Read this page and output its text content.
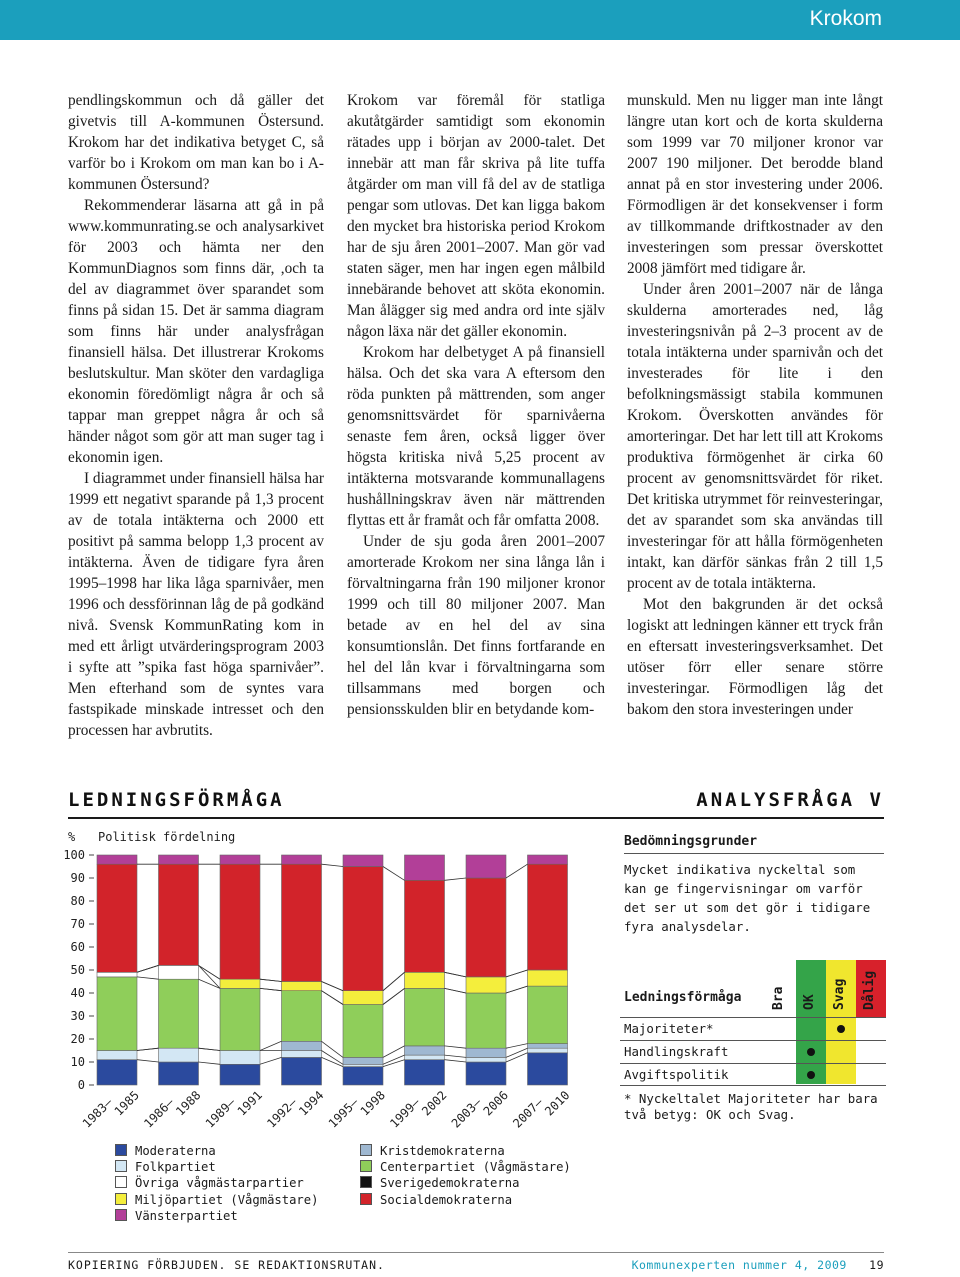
Krokom

pendlingskommun och då gäller det givetvis till A-kommunen Östersund. Krokom har det indikativa betyget C, så varför bo i Krokom om man kan bo i A-kommunen Östersund?

Rekommenderar läsarna att gå in på www.kommunrating.se och analysarkivet för 2003 och hämta ner den KommunDiagnos som finns där, ,och ta del av diagrammet över sparandet som finns på sidan 15. Det är samma diagram som finns här under analysfrågan finansiell hälsa. Det illustrerar Krokoms beslutskultur. Man sköter den vardagliga ekonomin föredömligt några år och så tappar man greppet några år och så händer något som gör att man suger tag i ekonomin igen.

I diagrammet under finansiell hälsa har 1999 ett negativt sparande på 1,3 procent av de totala intäkterna och 2000 ett positivt på samma belopp 1,3 procent av intäkterna. Även de tidigare fyra åren 1995–1998 har lika låga sparnivåer, men 1996 och dessförinnan låg de på godkänd nivå. Svensk KommunRating kom in med ett årligt utvärderingsprogram 2003 i syfte att ”spika fast höga sparnivåer”. Men efterhand som de syntes vara fastspikade minskade intresset och den processen har avbrutits.

Krokom var föremål för statliga akutåtgärder samtidigt som ekonomin rätades upp i början av 2000-talet. Det innebär att man får skriva på lite tuffa åtgärder om man vill få del av de statliga pengar som utlovas. Det kan ligga bakom den mycket bra historiska period Krokom har de sju åren 2001–2007. Man gör vad staten säger, men har ingen egen målbild innebärande behovet att sköta ekonomin. Man ålägger sig med andra ord inte själv någon läxa när det gäller ekonomin.

Krokom har delbetyget A på finansiell hälsa. Och det ska vara A eftersom den röda punkten på mättrenden, som anger genomsnittsvärdet för sparnivåerna senaste fem åren, också ligger över högsta kritiska nivå 5,25 procent av intäkterna motsvarande kommunallagens hushållningskrav även när mättrenden flyttas ett år framåt och får omfatta 2008.

Under de sju goda åren 2001–2007 amorterade Krokom ner sina långa lån i förvaltningarna från 190 miljoner kronor 1999 och till 80 miljoner 2007. Man betade av en hel del av sina konsumtionslån. Det finns fortfarande en hel del lån kvar i förvaltningarna som tillsammans med borgen och pensionsskulden blir en betydande kom-

munskuld. Men nu ligger man inte långt längre utan kort och de korta skulderna som 1999 var 70 miljoner kronor var 2007 190 miljoner. Det berodde bland annat på en stor investering under 2006. Förmodligen är det konsekvenser i form av tillkommande driftkostnader av den investeringen som pressar överskottet 2008 jämfört med tidigare år.

Under åren 2001–2007 när de långa skulderna amorterades ned, låg investeringsnivån på 2–3 procent av de totala intäkterna under sparnivån och det investerades för lite i den befolkningsmässigt stabila kommunen Krokom. Överskotten användes för amorteringar. Det har lett till att Krokoms produktiva förmögenhet är cirka 60 procent av genomsnittsvärdet för riket. Det kritiska utrymmet för reinvesteringar, det av sparandet som ska användas till investeringar för att hålla förmögenheten intakt, kan därför sänkas från 2 till 1,5 procent av de totala intäkterna.

Mot den bakgrunden är det också logiskt att ledningen känner ett tryck från en eftersatt investeringsverksamhet. Det utöser förr eller senare större investeringar. Förmodligen låg det bakom den stora investeringen under

LEDNINGSFÖRMÅGA	ANALYSFRÅGA V
0
10
20
30
40
50
60
70
80
90
100
% Politisk fördelning
1983–1985 1986–1988 1989–1991 1992–1994 1995–1998 1999–2002 2003–2006 2007–2010
Moderaterna
Folkpartiet
Övriga vågmästarpartier
Miljöpartiet (Vågmästare)
Vänsterpartiet
Kristdemokraterna
Centerpartiet (Vågmästare)
Sverigedemokraterna
Socialdemokraterna
Bedömningsgrunder
Mycket indikativa nyckeltal som kan ge fingervisningar om varför det ser ut som det gör i tidigare fyra analysdelar.
Bra OK Svag Dålig
Ledningsförmåga
Majoriteter*
Handlingskraft
Avgiftspolitik
* Nyckeltalet Majoriteter har bara två betyg: OK och Svag.
KOPIERING FÖRBJUDEN. SE REDAKTIONSRUTAN.	Kommunexperten nummer 4, 2009 19
